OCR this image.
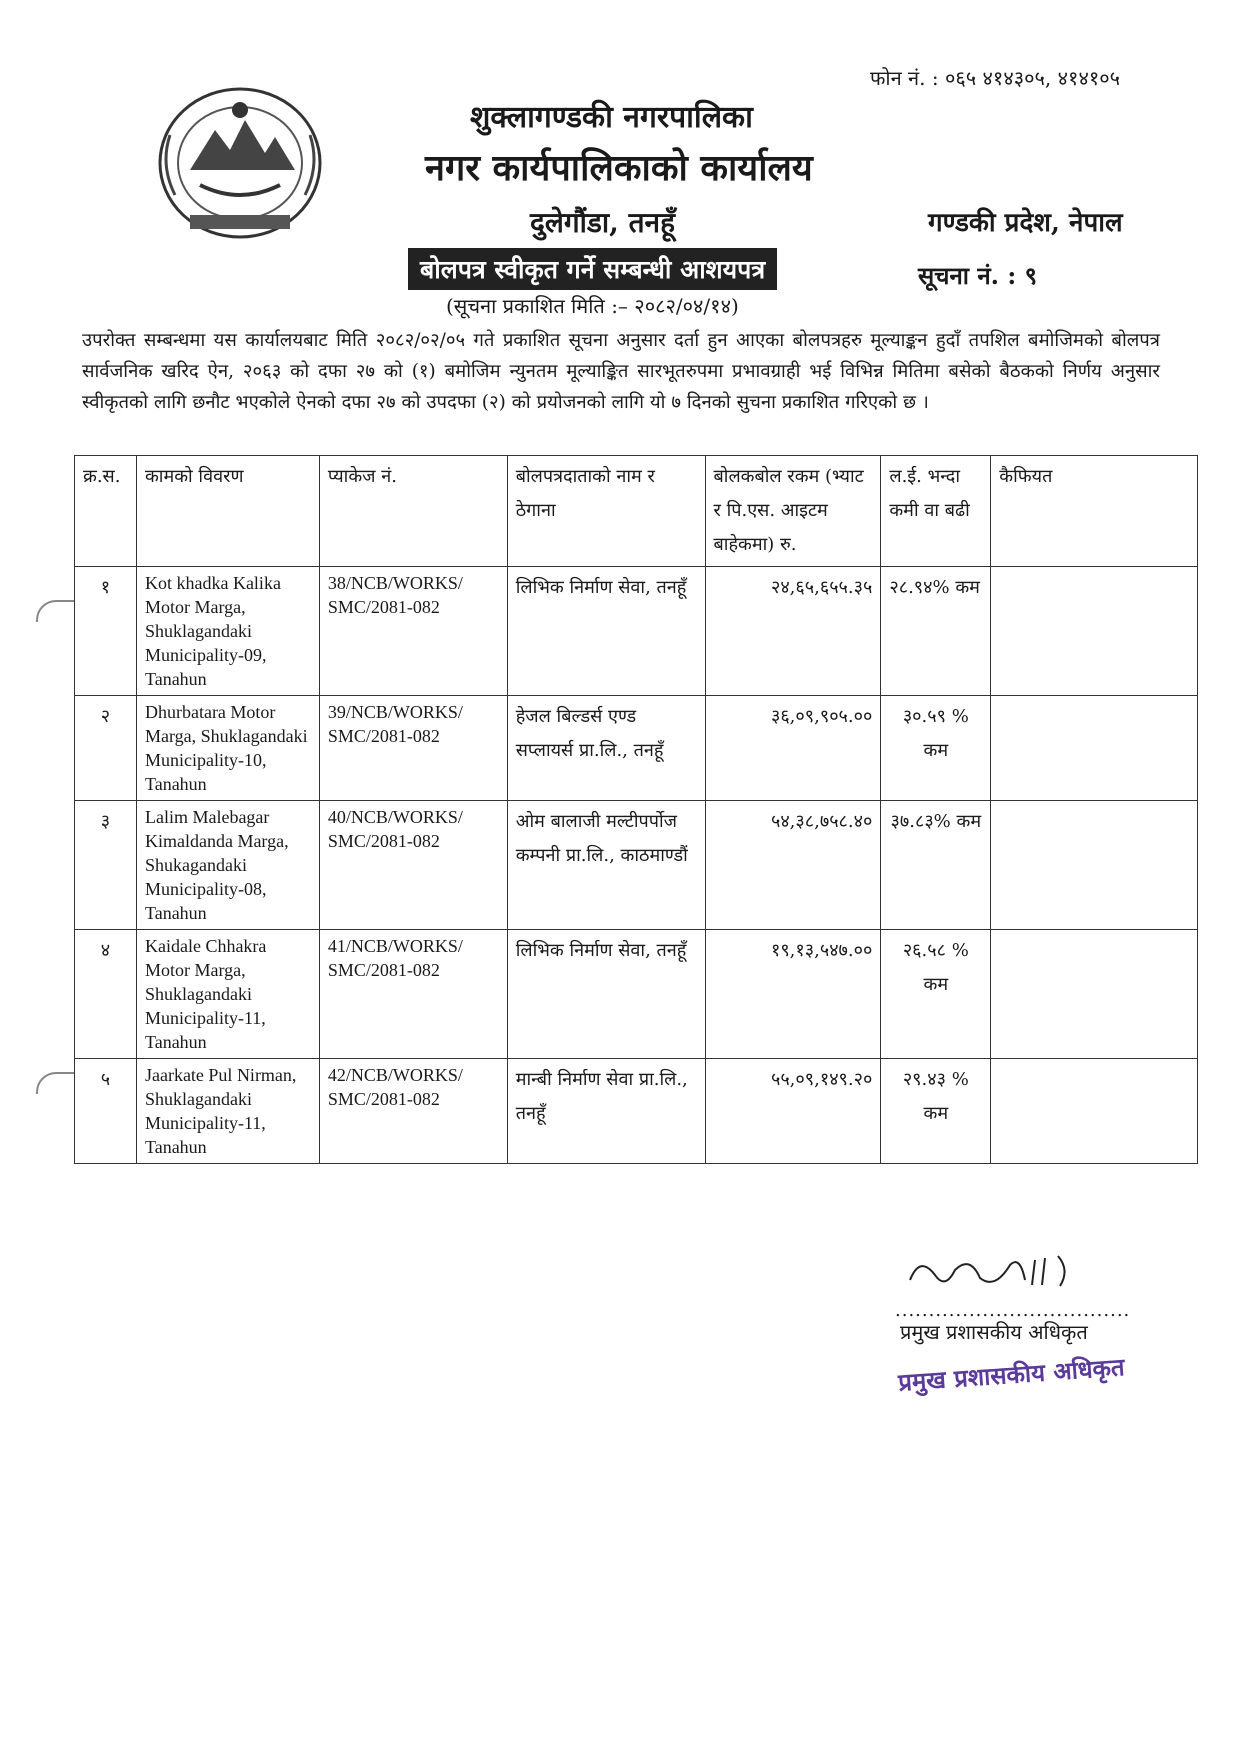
फोन नं. : ०६५ ४१४३०५, ४१४१०५
शुक्लागण्डकी नगरपालिका
नगर कार्यपालिकाको कार्यालय
दुलेगौंडा, तनहूँ	गण्डकी प्रदेश, नेपाल
बोलपत्र स्वीकृत गर्ने सम्बन्धी आशयपत्र	सूचना नं. : ९
(सूचना प्रकाशित मिति :– २०८२/०४/१४)
उपरोक्त सम्बन्धमा यस कार्यालयबाट मिति २०८२/०२/०५ गते प्रकाशित सूचना अनुसार दर्ता हुन आएका बोलपत्रहरु मूल्याङ्कन हुदाँ तपशिल बमोजिमको बोलपत्र सार्वजनिक खरिद ऐन, २०६३ को दफा २७ को (१) बमोजिम न्युनतम मूल्याङ्कित सारभूतरुपमा प्रभावग्राही भई विभिन्न मितिमा बसेको बैठकको निर्णय अनुसार स्वीकृतको लागि छनौट भएकोले ऐनको दफा २७ को उपदफा (२) को प्रयोजनको लागि यो ७ दिनको सुचना प्रकाशित गरिएको छ ।
क्र.स.	कामको विवरण	प्याकेज नं.	बोलपत्रदाताको नाम र ठेगाना	बोलकबोल रकम (भ्याट र पि.एस. आइटम बाहेकमा) रु.	ल.ई. भन्दा कमी वा बढी	कैफियत
१	Kot khadka Kalika Motor Marga, Shuklagandaki Municipality-09, Tanahun	38/NCB/WORKS/ SMC/2081-082	लिभिक निर्माण सेवा, तनहूँ	२४,६५,६५५.३५	२८.९४% कम	
२	Dhurbatara Motor Marga, Shuklagandaki Municipality-10, Tanahun	39/NCB/WORKS/ SMC/2081-082	हेजल बिल्डर्स एण्ड सप्लायर्स प्रा.लि., तनहूँ	३६,०९,९०५.००	३०.५९ % कम	
३	Lalim Malebagar Kimaldanda Marga, Shukagandaki Municipality-08, Tanahun	40/NCB/WORKS/ SMC/2081-082	ओम बालाजी मल्टीपर्पोज कम्पनी प्रा.लि., काठमाण्डौं	५४,३८,७५८.४०	३७.८३% कम	
४	Kaidale Chhakra Motor Marga, Shuklagandaki Municipality-11, Tanahun	41/NCB/WORKS/ SMC/2081-082	लिभिक निर्माण सेवा, तनहूँ	१९,१३,५४७.००	२६.५८ % कम	
५	Jaarkate Pul Nirman, Shuklagandaki Municipality-11, Tanahun	42/NCB/WORKS/ SMC/2081-082	मान्बी निर्माण सेवा प्रा.लि., तनहूँ	५५,०९,१४९.२०	२९.४३ % कम	
...................................
प्रमुख प्रशासकीय अधिकृत
प्रमुख प्रशासकीय अधिकृत
